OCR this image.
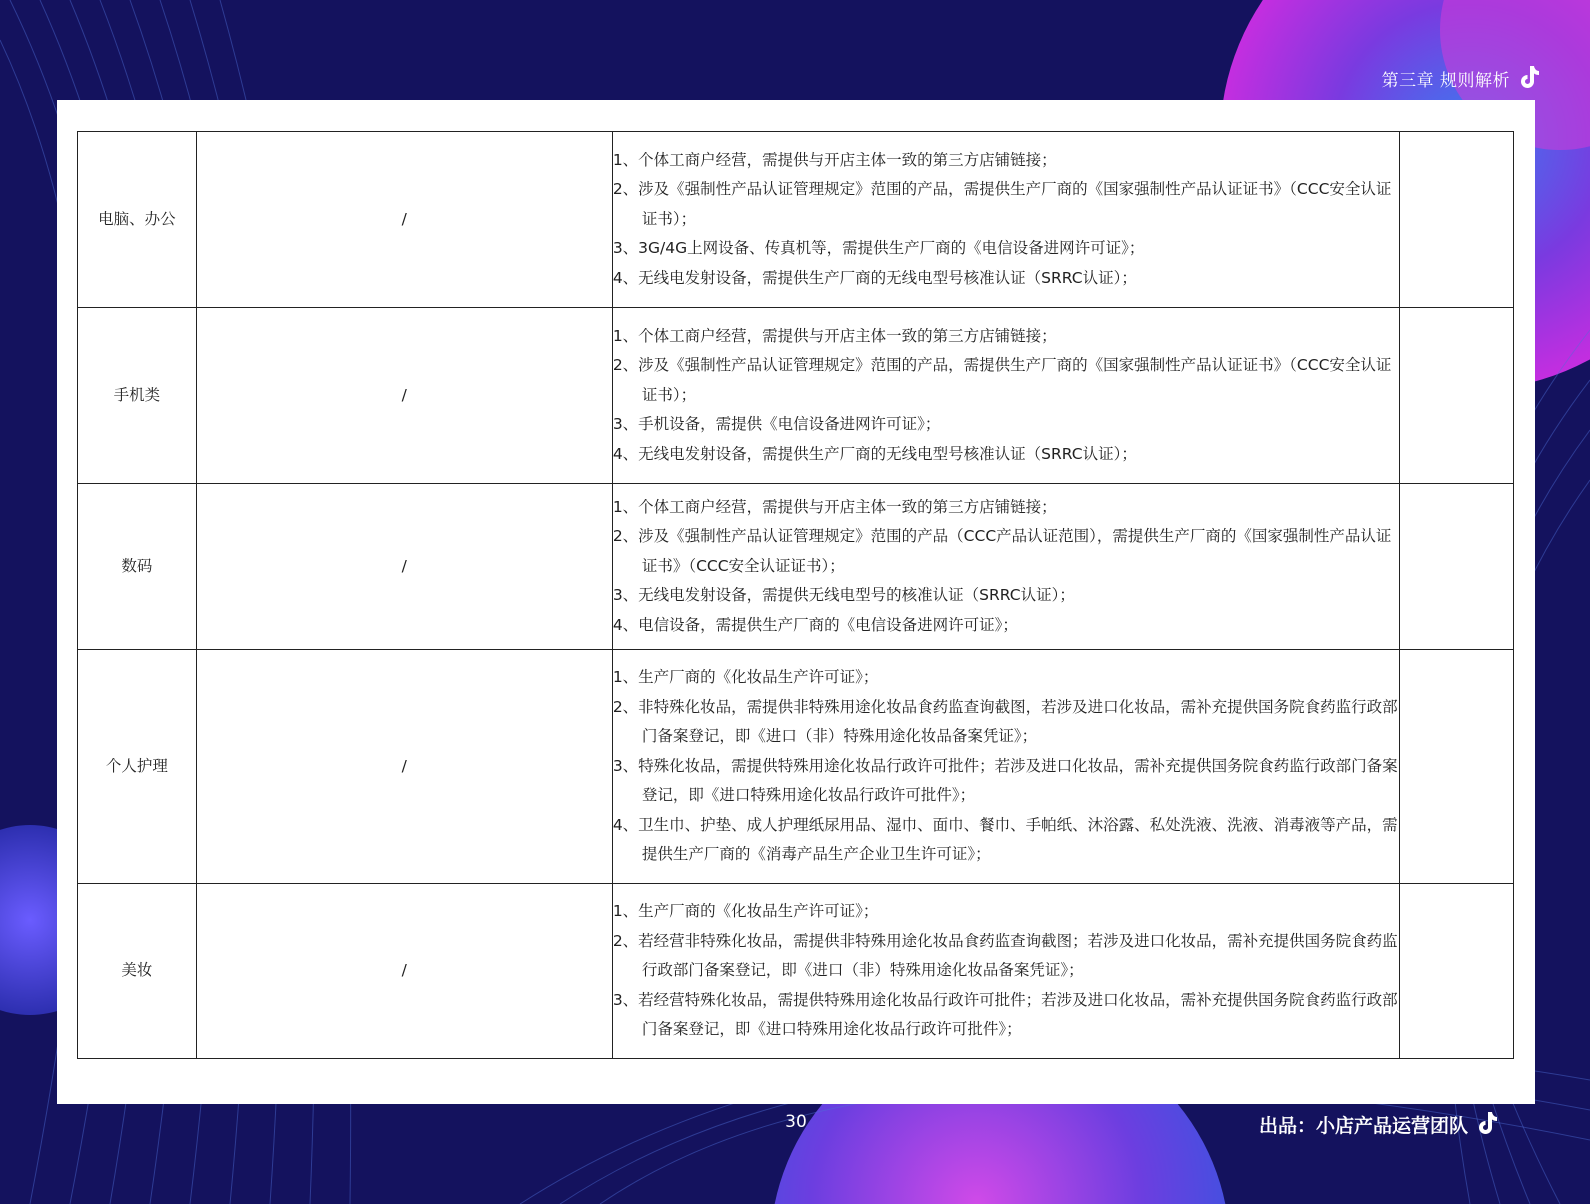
第三章 规则解析
电脑、办公	/	1、个体工商户经营，需提供与开店主体一致的第三方店铺链接；
2、涉及《强制性产品认证管理规定》范围的产品，需提供生产厂商的《国家强制性产品认证证书》（CCC安全认证证书）；
3、3G/4G上网设备、传真机等，需提供生产厂商的《电信设备进网许可证》；
4、无线电发射设备，需提供生产厂商的无线电型号核准认证（SRRC认证）；	

手机类	/	1、个体工商户经营，需提供与开店主体一致的第三方店铺链接；
2、涉及《强制性产品认证管理规定》范围的产品，需提供生产厂商的《国家强制性产品认证证书》（CCC安全认证证书）；
3、手机设备，需提供《电信设备进网许可证》；
4、无线电发射设备，需提供生产厂商的无线电型号核准认证（SRRC认证）；	

数码	/	1、个体工商户经营，需提供与开店主体一致的第三方店铺链接；
2、涉及《强制性产品认证管理规定》范围的产品（CCC产品认证范围），需提供生产厂商的《国家强制性产品认证证书》（CCC安全认证证书）；
3、无线电发射设备，需提供无线电型号的核准认证（SRRC认证）；
4、电信设备，需提供生产厂商的《电信设备进网许可证》；	

个人护理	/	1、生产厂商的《化妆品生产许可证》；
2、非特殊化妆品，需提供非特殊用途化妆品食药监查询截图，若涉及进口化妆品，需补充提供国务院食药监行政部门备案登记，即《进口（非）特殊用途化妆品备案凭证》；
3、特殊化妆品，需提供特殊用途化妆品行政许可批件；若涉及进口化妆品，需补充提供国务院食药监行政部门备案登记，即《进口特殊用途化妆品行政许可批件》；
4、卫生巾、护垫、成人护理纸尿用品、湿巾、面巾、餐巾、手帕纸、沐浴露、私处洗液、洗液、消毒液等产品，需提供生产厂商的《消毒产品生产企业卫生许可证》；	

美妆	/	1、生产厂商的《化妆品生产许可证》；
2、若经营非特殊化妆品，需提供非特殊用途化妆品食药监查询截图；若涉及进口化妆品，需补充提供国务院食药监行政部门备案登记，即《进口（非）特殊用途化妆品备案凭证》；
3、若经营特殊化妆品，需提供特殊用途化妆品行政许可批件；若涉及进口化妆品，需补充提供国务院食药监行政部门备案登记，即《进口特殊用途化妆品行政许可批件》；	

30	出品：小店产品运营团队
